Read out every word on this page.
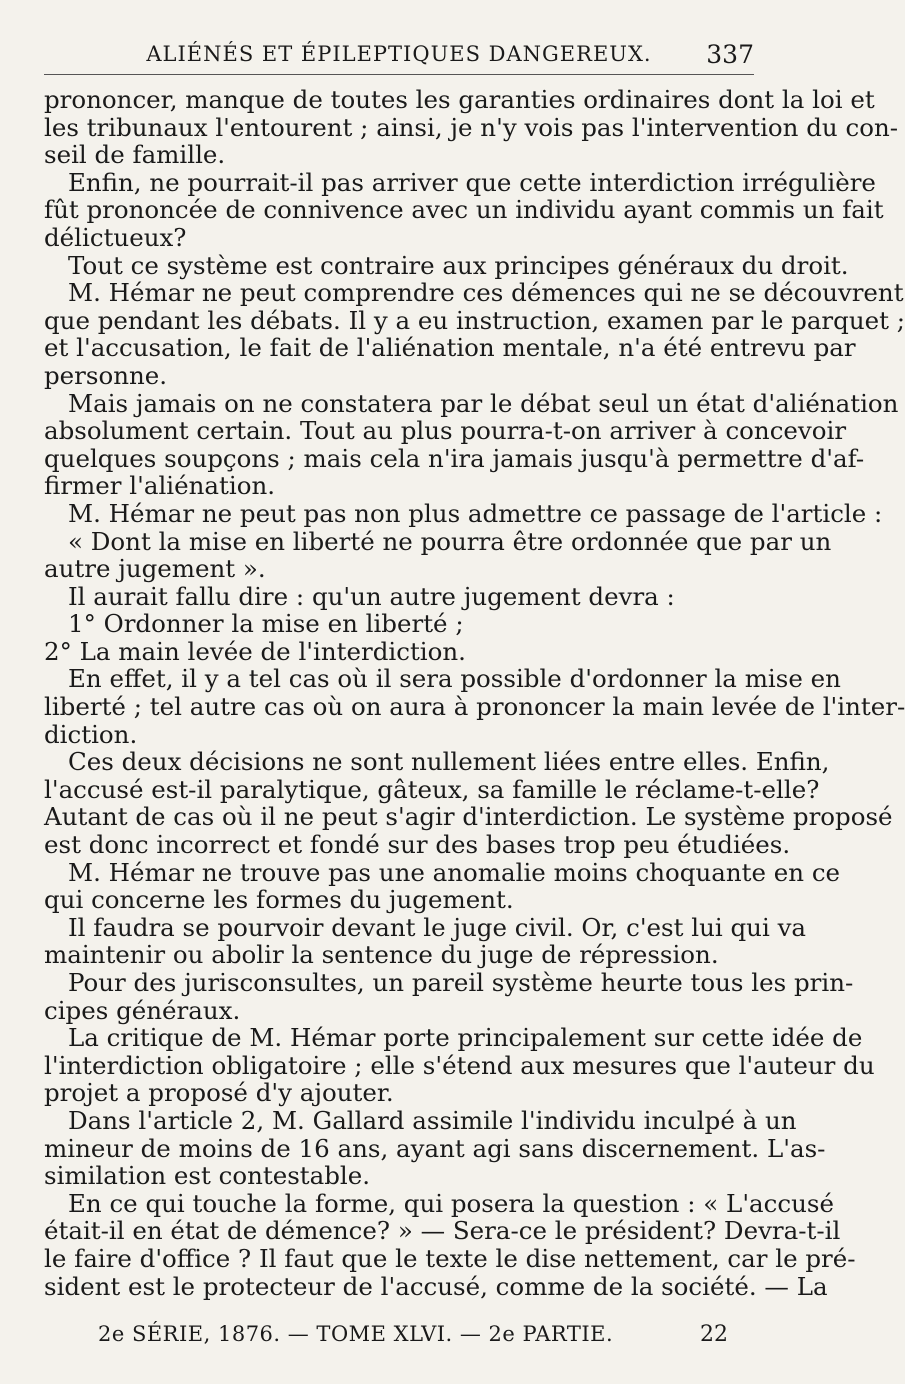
ALIÉNÉS ET ÉPILEPTIQUES DANGEREUX.	337
prononcer, manque de toutes les garanties ordinaires dont la loi et
les tribunaux l'entourent ; ainsi, je n'y vois pas l'intervention du con-
seil de famille.
Enfin, ne pourrait-il pas arriver que cette interdiction irrégulière
fût prononcée de connivence avec un individu ayant commis un fait
délictueux?
Tout ce système est contraire aux principes généraux du droit.
M. Hémar ne peut comprendre ces démences qui ne se découvrent
que pendant les débats. Il y a eu instruction, examen par le parquet ;
et l'accusation, le fait de l'aliénation mentale, n'a été entrevu par
personne.
Mais jamais on ne constatera par le débat seul un état d'aliénation
absolument certain. Tout au plus pourra-t-on arriver à concevoir
quelques soupçons ; mais cela n'ira jamais jusqu'à permettre d'af-
firmer l'aliénation.
M. Hémar ne peut pas non plus admettre ce passage de l'article :
« Dont la mise en liberté ne pourra être ordonnée que par un
autre jugement ».
Il aurait fallu dire : qu'un autre jugement devra :
1° Ordonner la mise en liberté ;
2° La main levée de l'interdiction.
En effet, il y a tel cas où il sera possible d'ordonner la mise en
liberté ; tel autre cas où on aura à prononcer la main levée de l'inter-
diction.
Ces deux décisions ne sont nullement liées entre elles. Enfin,
l'accusé est-il paralytique, gâteux, sa famille le réclame-t-elle?
Autant de cas où il ne peut s'agir d'interdiction. Le système proposé
est donc incorrect et fondé sur des bases trop peu étudiées.
M. Hémar ne trouve pas une anomalie moins choquante en ce
qui concerne les formes du jugement.
Il faudra se pourvoir devant le juge civil. Or, c'est lui qui va
maintenir ou abolir la sentence du juge de répression.
Pour des jurisconsultes, un pareil système heurte tous les prin-
cipes généraux.
La critique de M. Hémar porte principalement sur cette idée de
l'interdiction obligatoire ; elle s'étend aux mesures que l'auteur du
projet a proposé d'y ajouter.
Dans l'article 2, M. Gallard assimile l'individu inculpé à un
mineur de moins de 16 ans, ayant agi sans discernement. L'as-
similation est contestable.
En ce qui touche la forme, qui posera la question : « L'accusé
était-il en état de démence? » — Sera-ce le président? Devra-t-il
le faire d'office ? Il faut que le texte le dise nettement, car le pré-
sident est le protecteur de l'accusé, comme de la société. — La
2e SÉRIE, 1876. — TOME XLVI. — 2e PARTIE.	22
